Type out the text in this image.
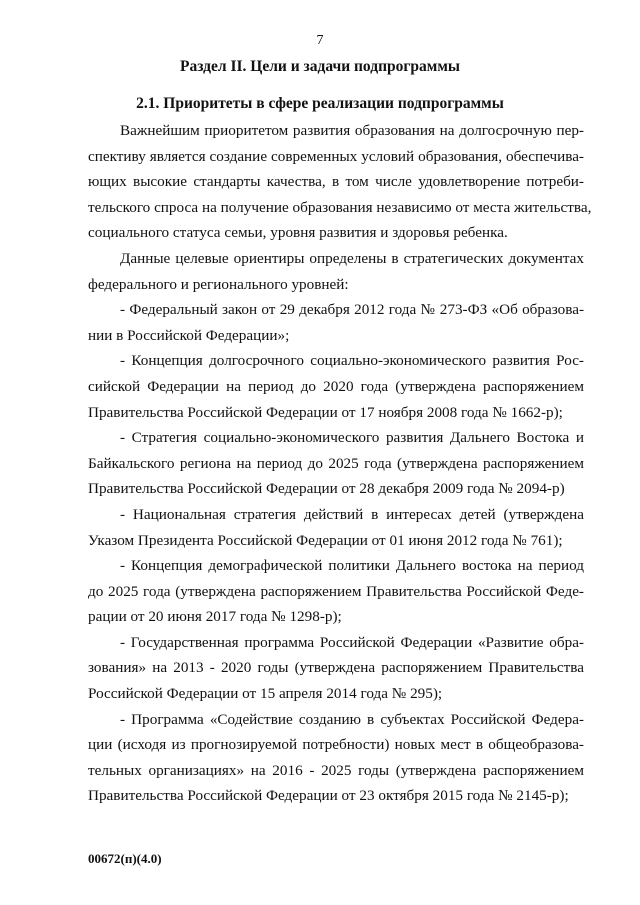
7
Раздел II. Цели и задачи подпрограммы
2.1. Приоритеты в сфере реализации подпрограммы
Важнейшим приоритетом развития образования на долгосрочную пер-
спективу является создание современных условий образования, обеспечива-
ющих высокие стандарты качества, в том числе удовлетворение потреби-
тельского спроса на получение образования независимо от места жительства,
социального статуса семьи, уровня развития и здоровья ребенка.
Данные целевые ориентиры определены в стратегических документах
федерального и регионального уровней:
- Федеральный закон от 29 декабря 2012 года № 273-ФЗ «Об образова-
нии в Российской Федерации»;
- Концепция долгосрочного социально-экономического развития Рос-
сийской Федерации на период до 2020 года (утверждена распоряжением
Правительства Российской Федерации от 17 ноября 2008 года № 1662-р);
- Стратегия социально-экономического развития Дальнего Востока и
Байкальского региона на период до 2025 года (утверждена распоряжением
Правительства Российской Федерации от 28 декабря 2009 года № 2094-р)
- Национальная стратегия действий в интересах детей (утверждена
Указом Президента Российской Федерации от 01 июня 2012 года № 761);
- Концепция демографической политики Дальнего востока на период
до 2025 года (утверждена распоряжением Правительства Российской Феде-
рации от 20 июня 2017 года № 1298-р);
- Государственная программа Российской Федерации «Развитие обра-
зования» на 2013 - 2020 годы (утверждена распоряжением Правительства
Российской Федерации от 15 апреля 2014 года № 295);
- Программа «Содействие созданию в субъектах Российской Федера-
ции (исходя из прогнозируемой потребности) новых мест в общеобразова-
тельных организациях» на 2016 - 2025 годы (утверждена распоряжением
Правительства Российской Федерации от 23 октября 2015 года № 2145-р);
00672(п)(4.0)
